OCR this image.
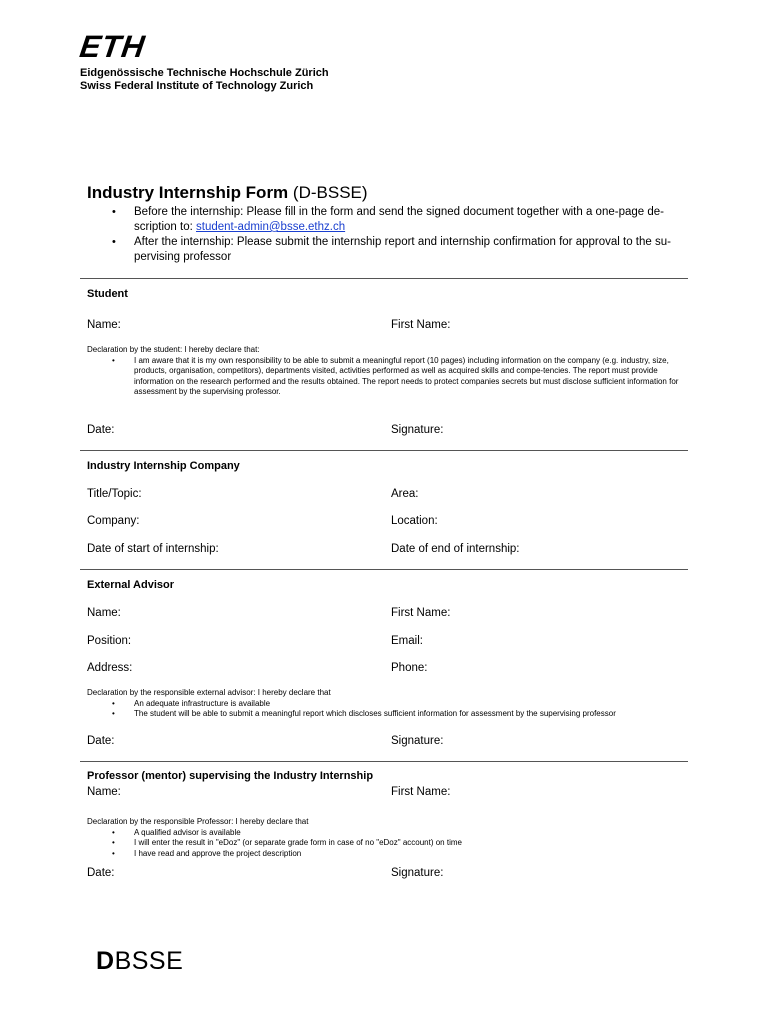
ETH
Eidgenössische Technische Hochschule Zürich
Swiss Federal Institute of Technology Zurich
Industry Internship Form (D-BSSE)
• Before the internship: Please fill in the form and send the signed document together with a one-page de-scription to: student-admin@bsse.ethz.ch
• After the internship: Please submit the internship report and internship confirmation for approval to the su-pervising professor
Student
Name:	First Name:
Declaration by the student: I hereby declare that:
• I am aware that it is my own responsibility to be able to submit a meaningful report (10 pages) including information on the company (e.g. industry, size, products, organisation, competitors), departments visited, activities performed as well as acquired skills and compe-tencies. The report must provide information on the research performed and the results obtained. The report needs to protect companies secrets but must disclose sufficient information for assessment by the supervising professor.
Date:	Signature:
Industry Internship Company
Title/Topic:	Area:
Company:	Location:
Date of start of internship:	Date of end of internship:
External Advisor
Name:	First Name:
Position:	Email:
Address:	Phone:
Declaration by the responsible external advisor: I hereby declare that
• An adequate infrastructure is available
• The student will be able to submit a meaningful report which discloses sufficient information for assessment by the supervising professor
Date:	Signature:
Professor (mentor) supervising the Industry Internship
Name:	First Name:
Declaration by the responsible Professor: I hereby declare that
• A qualified advisor is available
• I will enter the result in "eDoz" (or separate grade form in case of no "eDoz" account) on time
• I have read and approve the project description
Date:	Signature:
DBSSE
